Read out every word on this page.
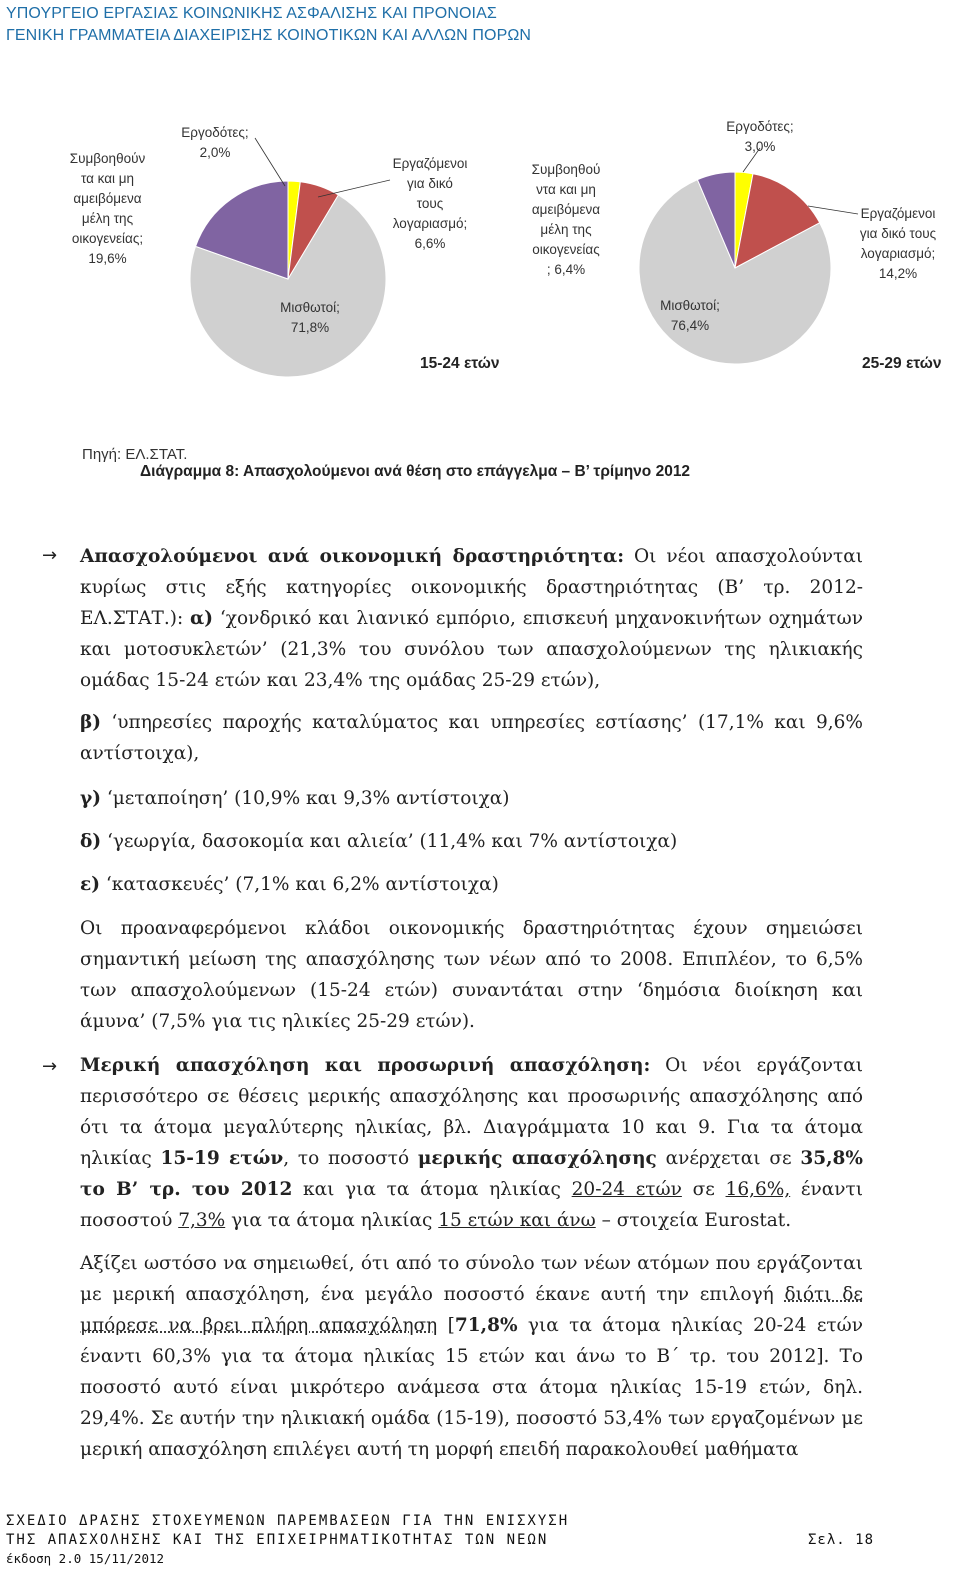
ΥΠΟΥΡΓΕΙΟ ΕΡΓΑΣΙΑΣ ΚΟΙΝΩΝΙΚΗΣ ΑΣΦΑΛΙΣΗΣ ΚΑΙ ΠΡΟΝΟΙΑΣ
ΓΕΝΙΚΗ ΓΡΑΜΜΑΤΕΙΑ ΔΙΑΧΕΙΡΙΣΗΣ ΚΟΙΝΟΤΙΚΩΝ ΚΑΙ ΑΛΛΩΝ ΠΟΡΩΝ
Συμβοηθούν
τα και μη
αμειβόμενα
μέλη της
οικογενείας;
19,6%
Εργοδότες;
2,0%
Εργαζόμενοι
για δικό
τους
λογαριασμό;
6,6%
Μισθωτοί;
71,8%
15-24 ετών
Συμβοηθού
ντα και μη
αμειβόμενα
μέλη της
οικογενείας
; 6,4%
Εργοδότες;
3,0%
Εργαζόμενοι
για δικό τους
λογαριασμό;
14,2%
Μισθωτοί;
76,4%
25-29 ετών
Πηγή: ΕΛ.ΣΤΑΤ.
Διάγραμμα 8: Απασχολούμενοι ανά θέση στο επάγγελμα – Β’ τρίμηνο 2012
→ Απασχολούμενοι ανά οικονομική δραστηριότητα: Οι νέοι απασχολούνται κυρίως στις εξής κατηγορίες οικονομικής δραστηριότητας (Β’ τρ. 2012- ΕΛ.ΣΤΑΤ.): α) ‘χονδρικό και λιανικό εμπόριο, επισκευή μηχανοκινήτων οχημάτων και μοτοσυκλετών’ (21,3% του συνόλου των απασχολούμενων της ηλικιακής ομάδας 15-24 ετών και 23,4% της ομάδας 25-29 ετών),
β) ‘υπηρεσίες παροχής καταλύματος και υπηρεσίες εστίασης’ (17,1% και 9,6% αντίστοιχα),
γ) ‘μεταποίηση’ (10,9% και 9,3% αντίστοιχα)
δ) ‘γεωργία, δασοκομία και αλιεία’ (11,4% και 7% αντίστοιχα)
ε) ‘κατασκευές’ (7,1% και 6,2% αντίστοιχα)
Οι προαναφερόμενοι κλάδοι οικονομικής δραστηριότητας έχουν σημειώσει σημαντική μείωση της απασχόλησης των νέων από το 2008. Επιπλέον, το 6,5% των απασχολούμενων (15-24 ετών) συναντάται στην ‘δημόσια διοίκηση και άμυνα’ (7,5% για τις ηλικίες 25-29 ετών).
→ Μερική απασχόληση και προσωρινή απασχόληση: Οι νέοι εργάζονται περισσότερο σε θέσεις μερικής απασχόλησης και προσωρινής απασχόλησης από ότι τα άτομα μεγαλύτερης ηλικίας, βλ. Διαγράμματα 10 και 9. Για τα άτομα ηλικίας 15-19 ετών, το ποσοστό μερικής απασχόλησης ανέρχεται σε 35,8% το Β’ τρ. του 2012 και για τα άτομα ηλικίας 20-24 ετών σε 16,6%, έναντι ποσοστού 7,3% για τα άτομα ηλικίας 15 ετών και άνω – στοιχεία Eurostat.
Αξίζει ωστόσο να σημειωθεί, ότι από το σύνολο των νέων ατόμων που εργάζονται με μερική απασχόληση, ένα μεγάλο ποσοστό έκανε αυτή την επιλογή διότι δε μπόρεσε να βρει πλήρη απασχόληση [71,8% για τα άτομα ηλικίας 20-24 ετών έναντι 60,3% για τα άτομα ηλικίας 15 ετών και άνω το Β΄ τρ. του 2012]. Το ποσοστό αυτό είναι μικρότερο ανάμεσα στα άτομα ηλικίας 15-19 ετών, δηλ. 29,4%. Σε αυτήν την ηλικιακή ομάδα (15-19), ποσοστό 53,4% των εργαζομένων με μερική απασχόληση επιλέγει αυτή τη μορφή επειδή παρακολουθεί μαθήματα
ΣΧΕΔΙΟ ΔΡΑΣΗΣ ΣΤΟΧΕΥΜΕΝΩΝ ΠΑΡΕΜΒΑΣΕΩΝ ΓΙΑ ΤΗΝ ΕΝΙΣΧΥΣΗ
ΤΗΣ ΑΠΑΣΧΟΛΗΣΗΣ ΚΑΙ ΤΗΣ ΕΠΙΧΕΙΡΗΜΑΤΙΚΟΤΗΤΑΣ ΤΩΝ ΝΕΩΝ	Σελ. 18
έκδοση 2.0 15/11/2012
